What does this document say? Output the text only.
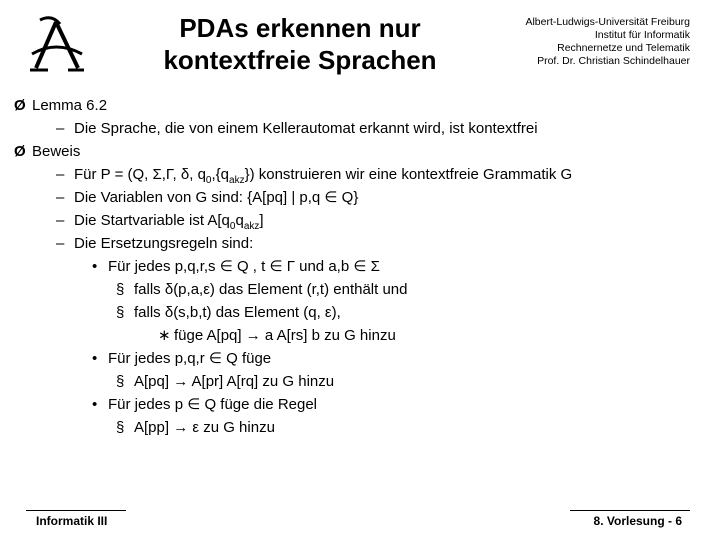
PDAs erkennen nur
kontextfreie Sprachen
Albert-Ludwigs-Universität Freiburg
Institut für Informatik
Rechnernetze und Telematik
Prof. Dr. Christian Schindelhauer
Ø Lemma 6.2
– Die Sprache, die von einem Kellerautomat erkannt wird, ist kontextfrei
Ø Beweis
– Für P = (Q, Σ,Γ, δ, $q_0,\{q_{akz}\}$) konstruieren wir eine kontextfreie Grammatik G
– Die Variablen von G sind: {A[pq] | p,q ∈ Q}
– Die Startvariable ist $A[q_0q_{akz}]$
– Die Ersetzungsregeln sind:
• Für jedes p,q,r,s ∈ Q , t ∈ Γ und a,b ∈ Σ
§ falls δ(p,a,ε) das Element (r,t) enthält und
§ falls δ(s,b,t) das Element (q, ε),
∗ füge A[pq] → a A[rs] b zu G hinzu
• Für jedes p,q,r ∈ Q füge
§ A[pq] → A[pr] A[rq] zu G hinzu
• Für jedes p ∈ Q füge die Regel
§ A[pp] → ε zu G hinzu
Informatik III	8. Vorlesung - 6
